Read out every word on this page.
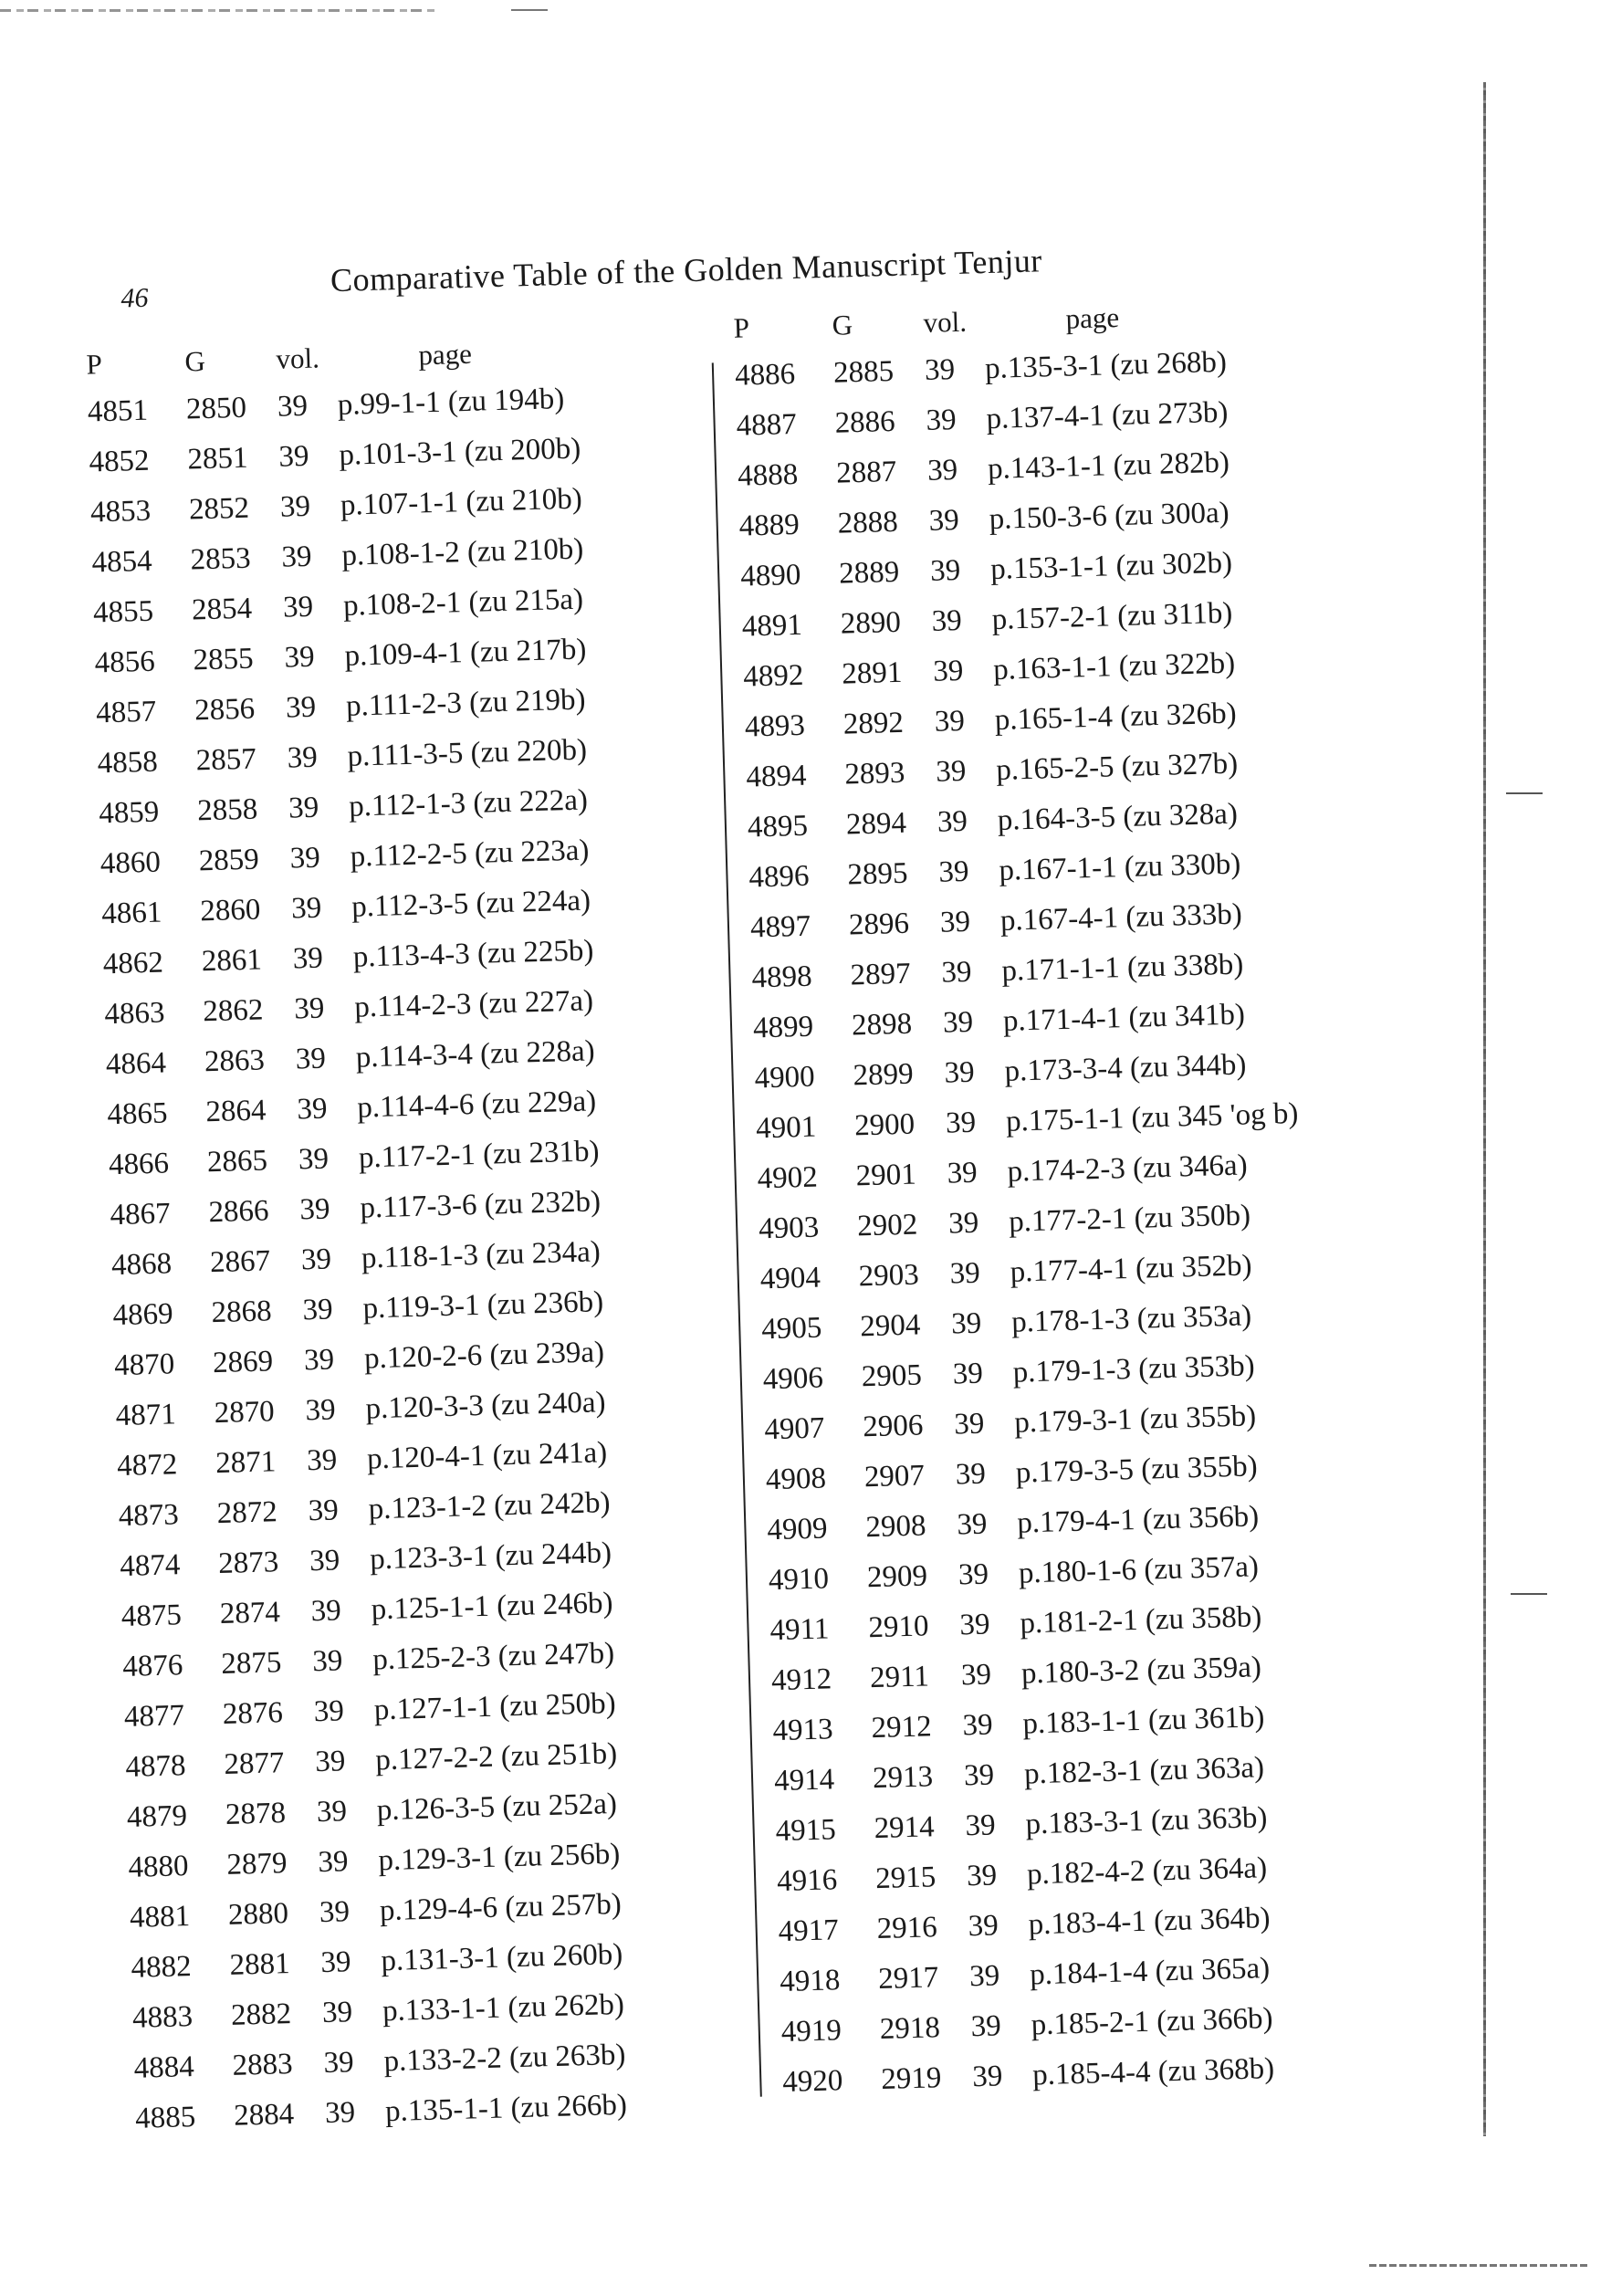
46	Comparative Table of the Golden Manuscript Tenjur
P	G	vol.	page
4851	2850 39 p.99-1-1 (zu 194b)
4852	2851 39 p.101-3-1 (zu 200b)
4853	2852 39 p.107-1-1 (zu 210b)
4854	2853 39 p.108-1-2 (zu 210b)
4855	2854 39 p.108-2-1 (zu 215a)
4856	2855 39 p.109-4-1 (zu 217b)
4857	2856 39 p.111-2-3 (zu 219b)
4858	2857 39 p.111-3-5 (zu 220b)
4859	2858 39 p.112-1-3 (zu 222a)
4860	2859 39 p.112-2-5 (zu 223a)
4861	2860 39 p.112-3-5 (zu 224a)
4862	2861 39 p.113-4-3 (zu 225b)
4863	2862 39 p.114-2-3 (zu 227a)
4864	2863 39 p.114-3-4 (zu 228a)
4865	2864 39 p.114-4-6 (zu 229a)
4866	2865 39 p.117-2-1 (zu 231b)
4867	2866 39 p.117-3-6 (zu 232b)
4868	2867 39 p.118-1-3 (zu 234a)
4869	2868 39 p.119-3-1 (zu 236b)
4870	2869 39 p.120-2-6 (zu 239a)
4871	2870 39 p.120-3-3 (zu 240a)
4872	2871 39 p.120-4-1 (zu 241a)
4873	2872 39 p.123-1-2 (zu 242b)
4874	2873 39 p.123-3-1 (zu 244b)
4875	2874 39 p.125-1-1 (zu 246b)
4876	2875 39 p.125-2-3 (zu 247b)
4877	2876 39 p.127-1-1 (zu 250b)
4878	2877 39 p.127-2-2 (zu 251b)
4879	2878 39 p.126-3-5 (zu 252a)
4880	2879 39 p.129-3-1 (zu 256b)
4881	2880 39 p.129-4-6 (zu 257b)
4882	2881 39 p.131-3-1 (zu 260b)
4883	2882 39 p.133-1-1 (zu 262b)
4884	2883 39 p.133-2-2 (zu 263b)
4885	2884 39 p.135-1-1 (zu 266b)
P	G	vol.	page
4886	2885 39 p.135-3-1 (zu 268b)
4887	2886 39 p.137-4-1 (zu 273b)
4888	2887 39 p.143-1-1 (zu 282b)
4889	2888 39 p.150-3-6 (zu 300a)
4890	2889 39 p.153-1-1 (zu 302b)
4891	2890 39 p.157-2-1 (zu 311b)
4892	2891 39 p.163-1-1 (zu 322b)
4893	2892 39 p.165-1-4 (zu 326b)
4894	2893 39 p.165-2-5 (zu 327b)
4895	2894 39 p.164-3-5 (zu 328a)
4896	2895 39 p.167-1-1 (zu 330b)
4897	2896 39 p.167-4-1 (zu 333b)
4898	2897 39 p.171-1-1 (zu 338b)
4899	2898 39 p.171-4-1 (zu 341b)
4900	2899 39 p.173-3-4 (zu 344b)
4901	2900 39 p.175-1-1 (zu 345 'og b)
4902	2901 39 p.174-2-3 (zu 346a)
4903	2902 39 p.177-2-1 (zu 350b)
4904	2903 39 p.177-4-1 (zu 352b)
4905	2904 39 p.178-1-3 (zu 353a)
4906	2905 39 p.179-1-3 (zu 353b)
4907	2906 39 p.179-3-1 (zu 355b)
4908	2907 39 p.179-3-5 (zu 355b)
4909	2908 39 p.179-4-1 (zu 356b)
4910	2909 39 p.180-1-6 (zu 357a)
4911	2910 39 p.181-2-1 (zu 358b)
4912	2911	39 p.180-3-2 (zu 359a)
4913	2912 39 p.183-1-1 (zu 361b)
4914	2913 39 p.182-3-1 (zu 363a)
4915	2914 39 p.183-3-1 (zu 363b)
4916	2915 39 p.182-4-2 (zu 364a)
4917	2916 39 p.183-4-1 (zu 364b)
4918	2917 39 p.184-1-4 (zu 365a)
4919	2918 39 p.185-2-1 (zu 366b)
4920	2919 39 p.185-4-4 (zu 368b)
